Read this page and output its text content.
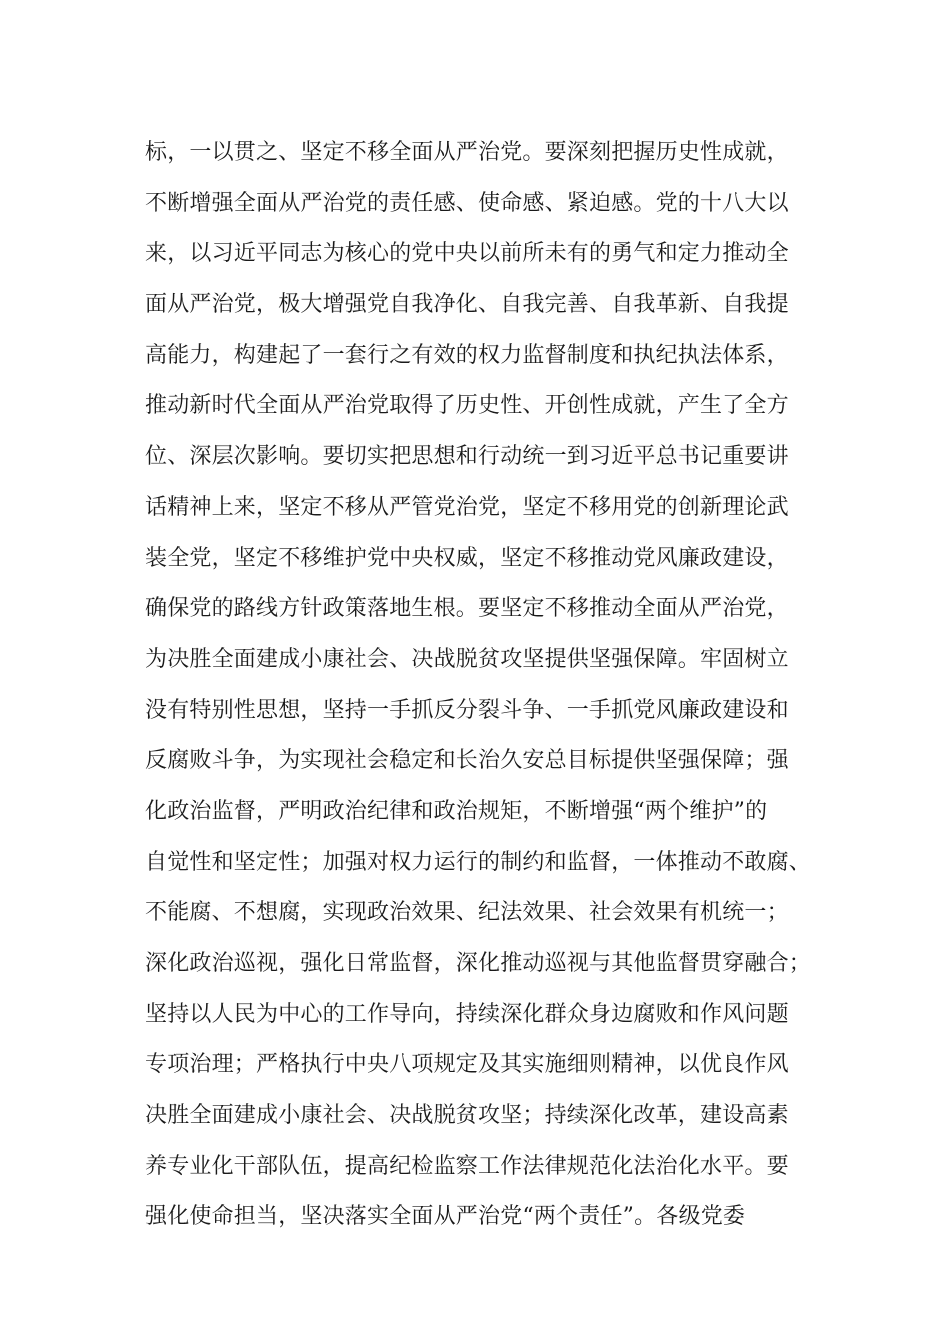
标，一以贯之、坚定不移全面从严治党。要深刻把握历史性成就，
不断增强全面从严治党的责任感、使命感、紧迫感。党的十八大以
来，以习近平同志为核心的党中央以前所未有的勇气和定力推动全
面从严治党，极大增强党自我净化、自我完善、自我革新、自我提
高能力，构建起了一套行之有效的权力监督制度和执纪执法体系，
推动新时代全面从严治党取得了历史性、开创性成就，产生了全方
位、深层次影响。要切实把思想和行动统一到习近平总书记重要讲
话精神上来，坚定不移从严管党治党，坚定不移用党的创新理论武
装全党，坚定不移维护党中央权威，坚定不移推动党风廉政建设，
确保党的路线方针政策落地生根。要坚定不移推动全面从严治党，
为决胜全面建成小康社会、决战脱贫攻坚提供坚强保障。牢固树立
没有特别性思想，坚持一手抓反分裂斗争、一手抓党风廉政建设和
反腐败斗争，为实现社会稳定和长治久安总目标提供坚强保障；强
化政治监督，严明政治纪律和政治规矩，不断增强“两个维护”的
自觉性和坚定性；加强对权力运行的制约和监督，一体推动不敢腐、
不能腐、不想腐，实现政治效果、纪法效果、社会效果有机统一；
深化政治巡视，强化日常监督，深化推动巡视与其他监督贯穿融合；
坚持以人民为中心的工作导向，持续深化群众身边腐败和作风问题
专项治理；严格执行中央八项规定及其实施细则精神，以优良作风
决胜全面建成小康社会、决战脱贫攻坚；持续深化改革，建设高素
养专业化干部队伍，提高纪检监察工作法律规范化法治化水平。要
强化使命担当，坚决落实全面从严治党“两个责任”。各级党委
